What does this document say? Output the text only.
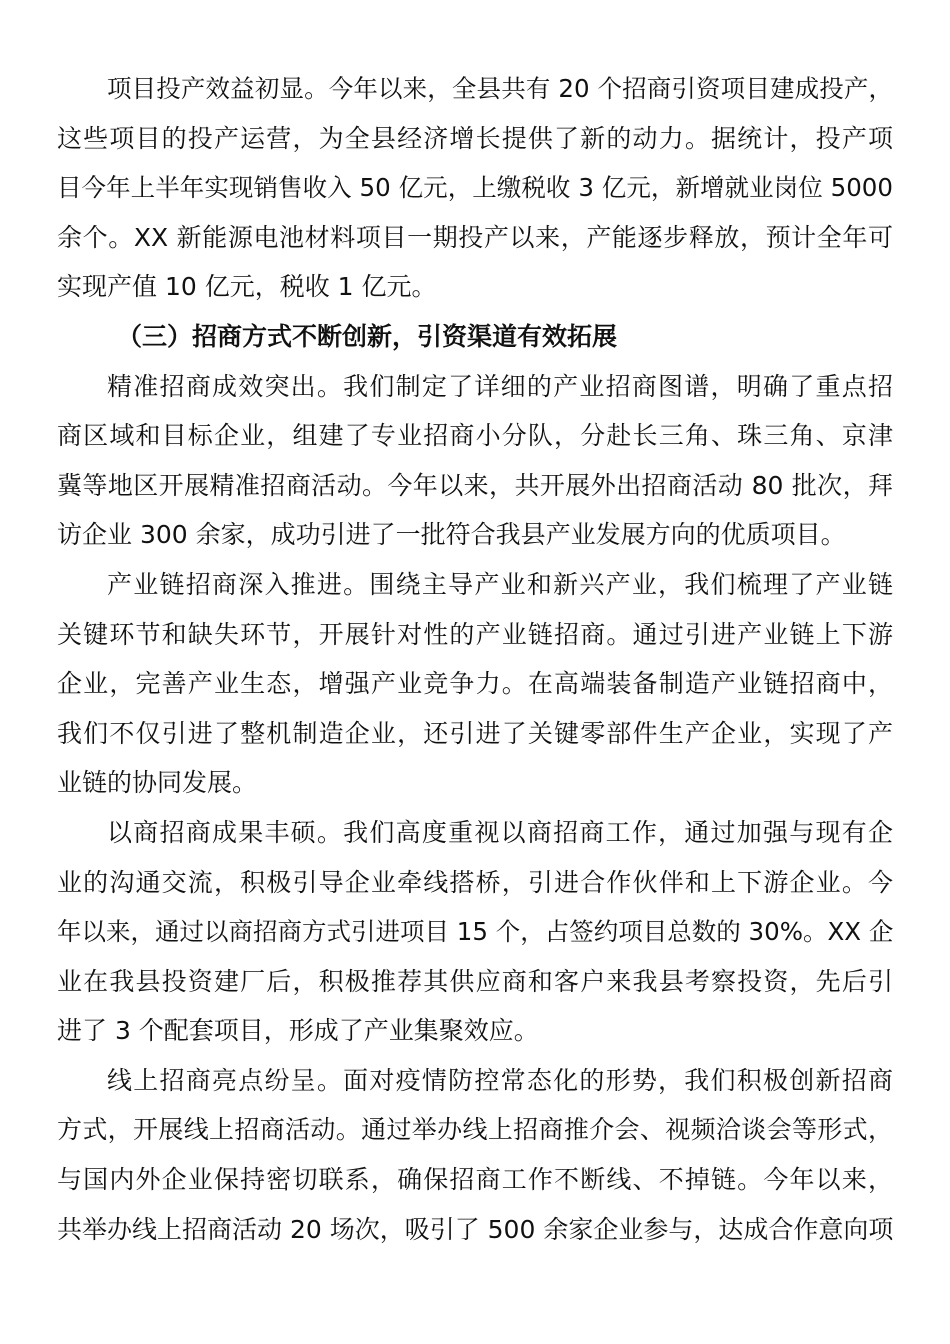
项目投产效益初显。今年以来，全县共有 20 个招商引资项目建成投产，
这些项目的投产运营，为全县经济增长提供了新的动力。据统计，投产项
目今年上半年实现销售收入 50 亿元，上缴税收 3 亿元，新增就业岗位 5000
余个。XX 新能源电池材料项目一期投产以来，产能逐步释放，预计全年可
实现产值 10 亿元，税收 1 亿元。
（三）招商方式不断创新，引资渠道有效拓展
精准招商成效突出。我们制定了详细的产业招商图谱，明确了重点招
商区域和目标企业，组建了专业招商小分队，分赴长三角、珠三角、京津
冀等地区开展精准招商活动。今年以来，共开展外出招商活动 80 批次，拜
访企业 300 余家，成功引进了一批符合我县产业发展方向的优质项目。
产业链招商深入推进。围绕主导产业和新兴产业，我们梳理了产业链
关键环节和缺失环节，开展针对性的产业链招商。通过引进产业链上下游
企业，完善产业生态，增强产业竞争力。在高端装备制造产业链招商中，
我们不仅引进了整机制造企业，还引进了关键零部件生产企业，实现了产
业链的协同发展。
以商招商成果丰硕。我们高度重视以商招商工作，通过加强与现有企
业的沟通交流，积极引导企业牵线搭桥，引进合作伙伴和上下游企业。今
年以来，通过以商招商方式引进项目 15 个，占签约项目总数的 30%。XX 企
业在我县投资建厂后，积极推荐其供应商和客户来我县考察投资，先后引
进了 3 个配套项目，形成了产业集聚效应。
线上招商亮点纷呈。面对疫情防控常态化的形势，我们积极创新招商
方式，开展线上招商活动。通过举办线上招商推介会、视频洽谈会等形式，
与国内外企业保持密切联系，确保招商工作不断线、不掉链。今年以来，
共举办线上招商活动 20 场次，吸引了 500 余家企业参与，达成合作意向项
